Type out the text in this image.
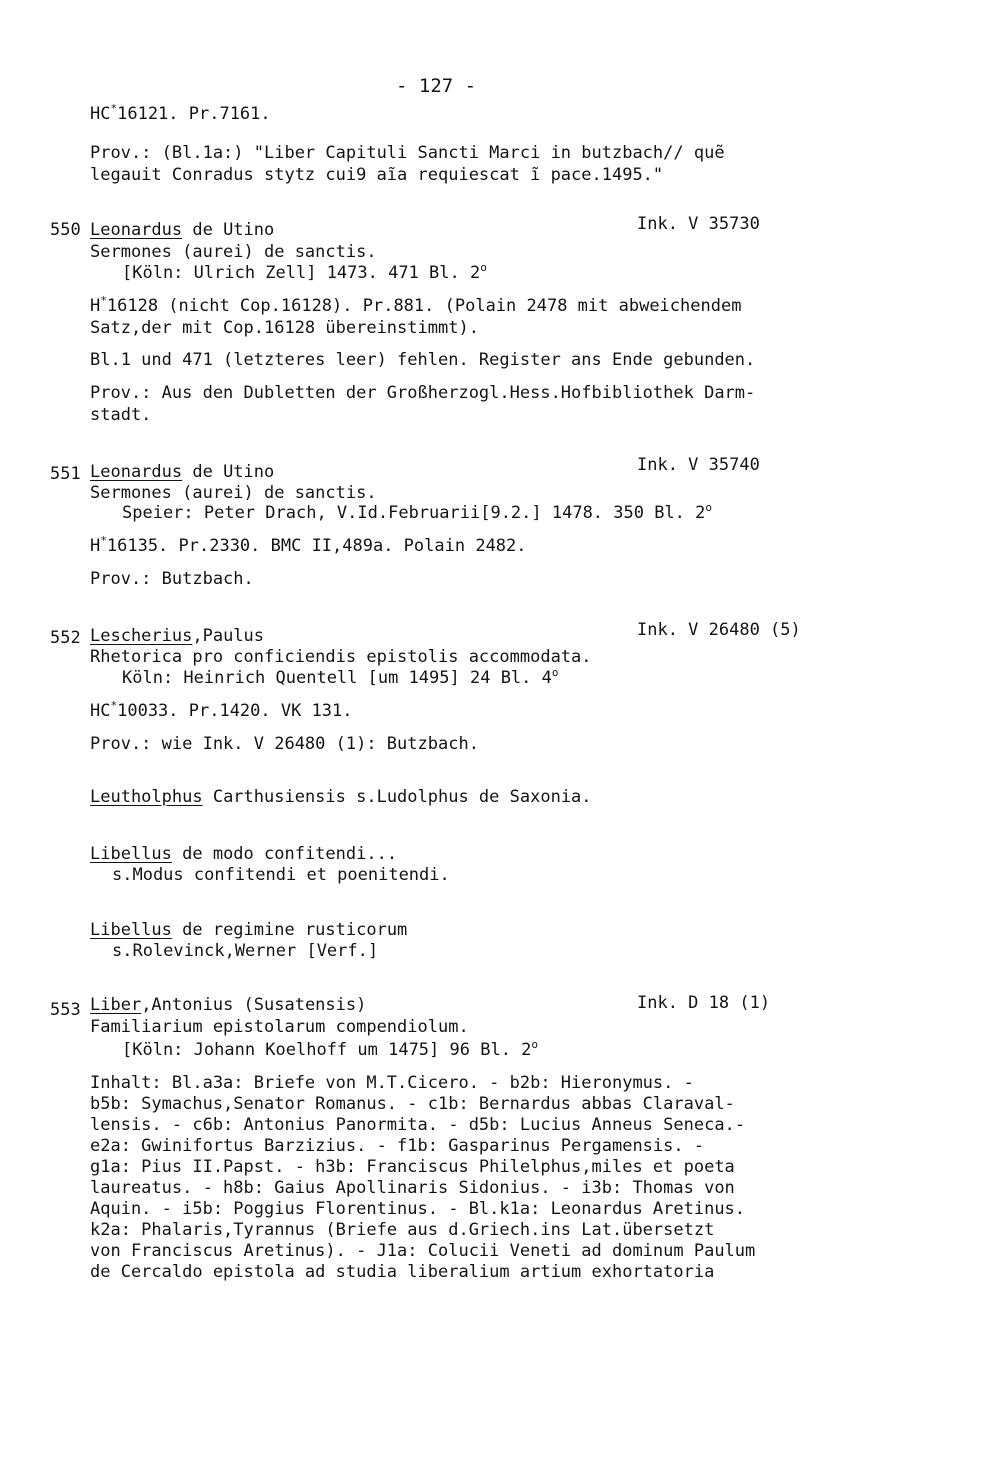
- 127 -
HC*16121. Pr.7161.
Prov.: (Bl.1a:) "Liber Capituli Sancti Marci in butzbach// quẽ
legauit Conradus stytz cui9 aĩa requiescat ĩ pace.1495."
550 Leonardus de Utino	Ink. V 35730
Sermones (aurei) de sanctis.
[Köln: Ulrich Zell] 1473. 471 Bl. 2$^o$
H*16128 (nicht Cop.16128). Pr.881. (Polain 2478 mit abweichendem
Satz,der mit Cop.16128 übereinstimmt).
Bl.1 und 471 (letzteres leer) fehlen. Register ans Ende gebunden.
Prov.: Aus den Dubletten der Großherzogl.Hess.Hofbibliothek Darm-
stadt.
551 Leonardus de Utino	Ink. V 35740
Sermones (aurei) de sanctis.
Speier: Peter Drach, V.Id.Februarii[9.2.] 1478. 350 Bl. 2$^o$
H*16135. Pr.2330. BMC II,489a. Polain 2482.
Prov.: Butzbach.
552 Lescherius,Paulus	Ink. V 26480 (5)
Rhetorica pro conficiendis epistolis accommodata.
Köln: Heinrich Quentell [um 1495] 24 Bl. 4$^o$
HC*10033. Pr.1420. VK 131.
Prov.: wie Ink. V 26480 (1): Butzbach.
Leutholphus Carthusiensis s.Ludolphus de Saxonia.
Libellus de modo confitendi...
s.Modus confitendi et poenitendi.
Libellus de regimine rusticorum
s.Rolevinck,Werner [Verf.]
553 Liber,Antonius (Susatensis)	Ink. D 18 (1)
Familiarium epistolarum compendiolum.
[Köln: Johann Koelhoff um 1475] 96 Bl. 2$^o$
Inhalt: Bl.a3a: Briefe von M.T.Cicero. - b2b: Hieronymus. -
b5b: Symachus,Senator Romanus. - c1b: Bernardus abbas Claraval-
lensis. - c6b: Antonius Panormita. - d5b: Lucius Anneus Seneca.-
e2a: Gwinifortus Barzizius. - f1b: Gasparinus Pergamensis. -
g1a: Pius II.Papst. - h3b: Franciscus Philelphus,miles et poeta
laureatus. - h8b: Gaius Apollinaris Sidonius. - i3b: Thomas von
Aquin. - i5b: Poggius Florentinus. - Bl.k1a: Leonardus Aretinus.
k2a: Phalaris,Tyrannus (Briefe aus d.Griech.ins Lat.übersetzt
von Franciscus Aretinus). - J1a: Colucii Veneti ad dominum Paulum
de Cercaldo epistola ad studia liberalium artium exhortatoria
